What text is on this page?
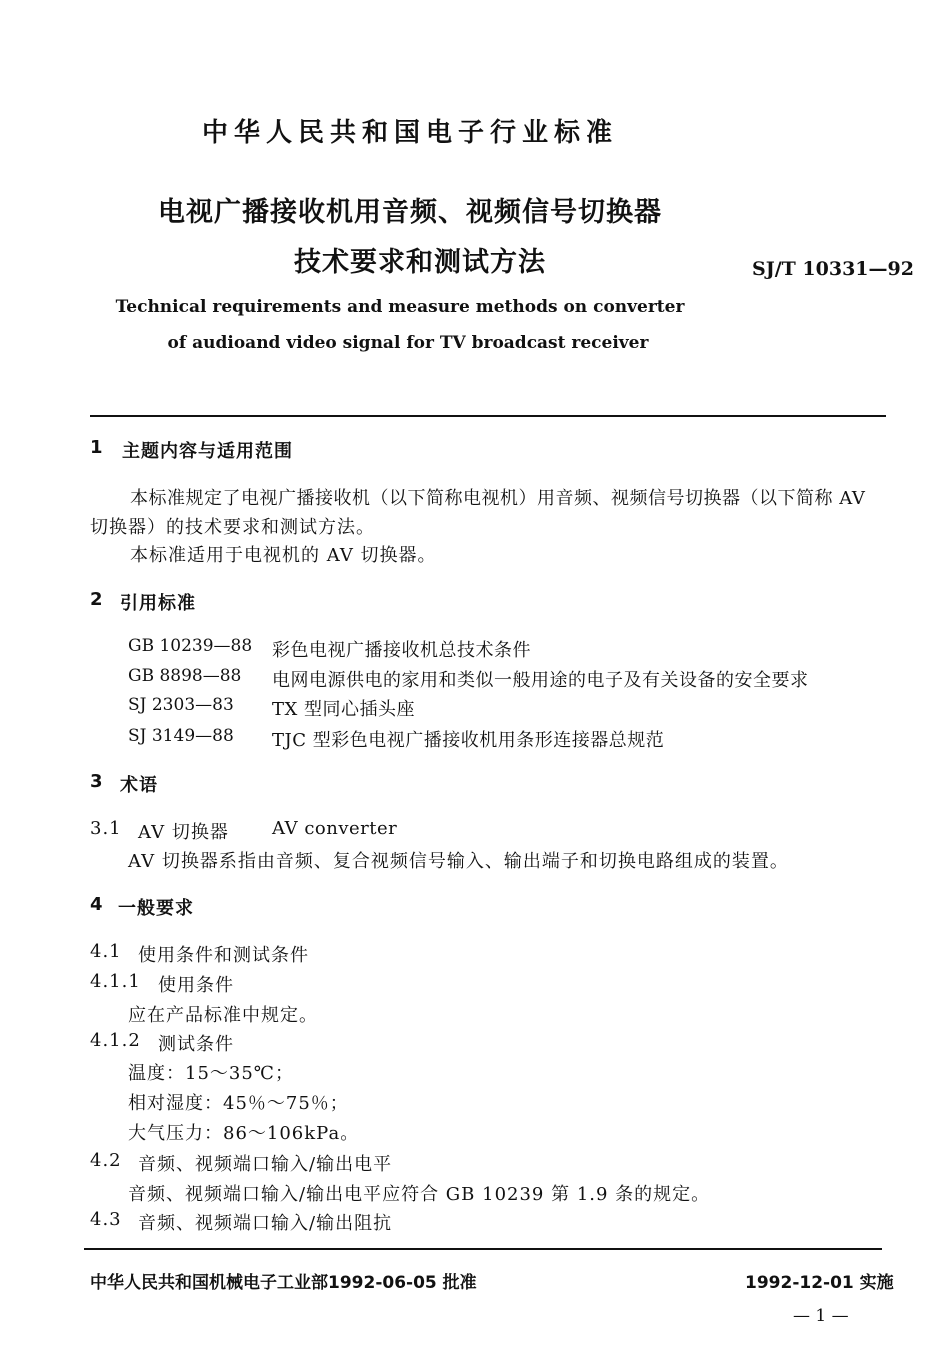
中华人民共和国电子行业标准
电视广播接收机用音频、视频信号切换器
技术要求和测试方法	SJ/T 10331—92
Technical requirements and measure methods on converter
of audioand video signal for TV broadcast receiver
1 主题内容与适用范围
本标准规定了电视广播接收机（以下简称电视机）用音频、视频信号切换器（以下简称 AV
切换器）的技术要求和测试方法。
本标准适用于电视机的 AV 切换器。
2 引用标准
GB 10239—88 彩色电视广播接收机总技术条件
GB 8898—88 电网电源供电的家用和类似一般用途的电子及有关设备的安全要求
SJ 2303—83 TX 型同心插头座
SJ 3149—88 TJC 型彩色电视广播接收机用条形连接器总规范
3 术语
3.1 AV 切换器 AV converter
AV 切换器系指由音频、复合视频信号输入、输出端子和切换电路组成的装置。
4 一般要求
4.1 使用条件和测试条件
4.1.1 使用条件
应在产品标准中规定。
4.1.2 测试条件
温度：15～35℃；
相对湿度：45％～75％；
大气压力：86～106kPa。
4.2 音频、视频端口输入/输出电平
音频、视频端口输入/输出电平应符合 GB 10239 第 1.9 条的规定。
4.3 音频、视频端口输入/输出阻抗
中华人民共和国机械电子工业部1992-06-05 批准	1992-12-01 实施
— 1 —
